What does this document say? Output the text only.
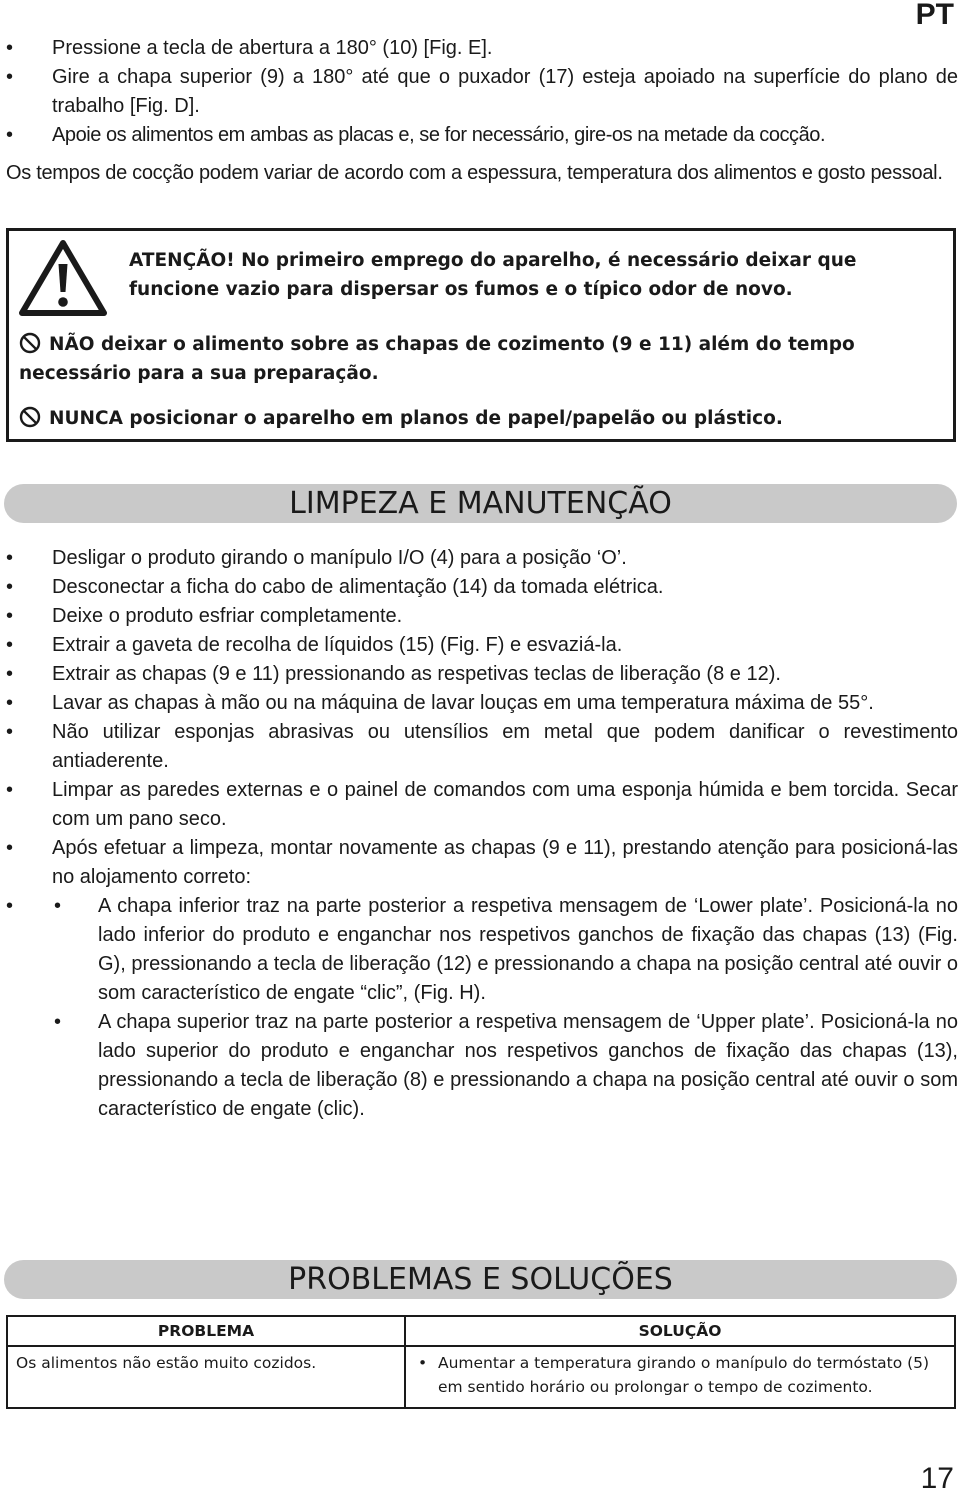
PT
• Pressione a tecla de abertura a 180° (10) [Fig. E].
• Gire a chapa superior (9) a 180° até que o puxador (17) esteja apoiado na superfície do plano de trabalho [Fig. D].
• Apoie os alimentos em ambas as placas e, se for necessário, gire-os na metade da cocção.

Os tempos de cocção podem variar de acordo com a espessura, temperatura dos alimentos e gosto pessoal.

ATENÇÃO! No primeiro emprego do aparelho, é necessário deixar que funcione vazio para dispersar os fumos e o típico odor de novo.
NÃO deixar o alimento sobre as chapas de cozimento (9 e 11) além do tempo necessário para a sua preparação.
NUNCA posicionar o aparelho em planos de papel/papelão ou plástico.
LIMPEZA E MANUTENÇÃO
• Desligar o produto girando o manípulo I/O (4) para a posição ‘O’.
• Desconectar a ficha do cabo de alimentação (14) da tomada elétrica.
• Deixe o produto esfriar completamente.
• Extrair a gaveta de recolha de líquidos (15) (Fig. F) e esvaziá-la.
• Extrair as chapas (9 e 11) pressionando as respetivas teclas de liberação (8 e 12).
• Lavar as chapas à mão ou na máquina de lavar louças em uma temperatura máxima de 55°.
• Não utilizar esponjas abrasivas ou utensílios em metal que podem danificar o revestimento antiaderente.
• Limpar as paredes externas e o painel de comandos com uma esponja húmida e bem torcida. Secar com um pano seco.
• Após efetuar a limpeza, montar novamente as chapas (9 e 11), prestando atenção para posicioná-las no alojamento correto:
• • A chapa inferior traz na parte posterior a respetiva mensagem de ‘Lower plate’. Posicioná-la no lado inferior do produto e enganchar nos respetivos ganchos de fixação das chapas (13) (Fig. G), pressionando a tecla de liberação (12) e pressionando a chapa na posição central até ouvir o som característico de engate “clic”, (Fig. H).
• A chapa superior traz na parte posterior a respetiva mensagem de ‘Upper plate’. Posicioná-la no lado superior do produto e enganchar nos respetivos ganchos de fixação das chapas (13), pressionando a tecla de liberação (8) e pressionando a chapa na posição central até ouvir o som característico de engate (clic).
PROBLEMAS E SOLUÇÕES
PROBLEMA	SOLUÇÃO
Os alimentos não estão muito cozidos.	• Aumentar a temperatura girando o manípulo do termóstato (5) em sentido horário ou prolongar o tempo de cozimento.
17
